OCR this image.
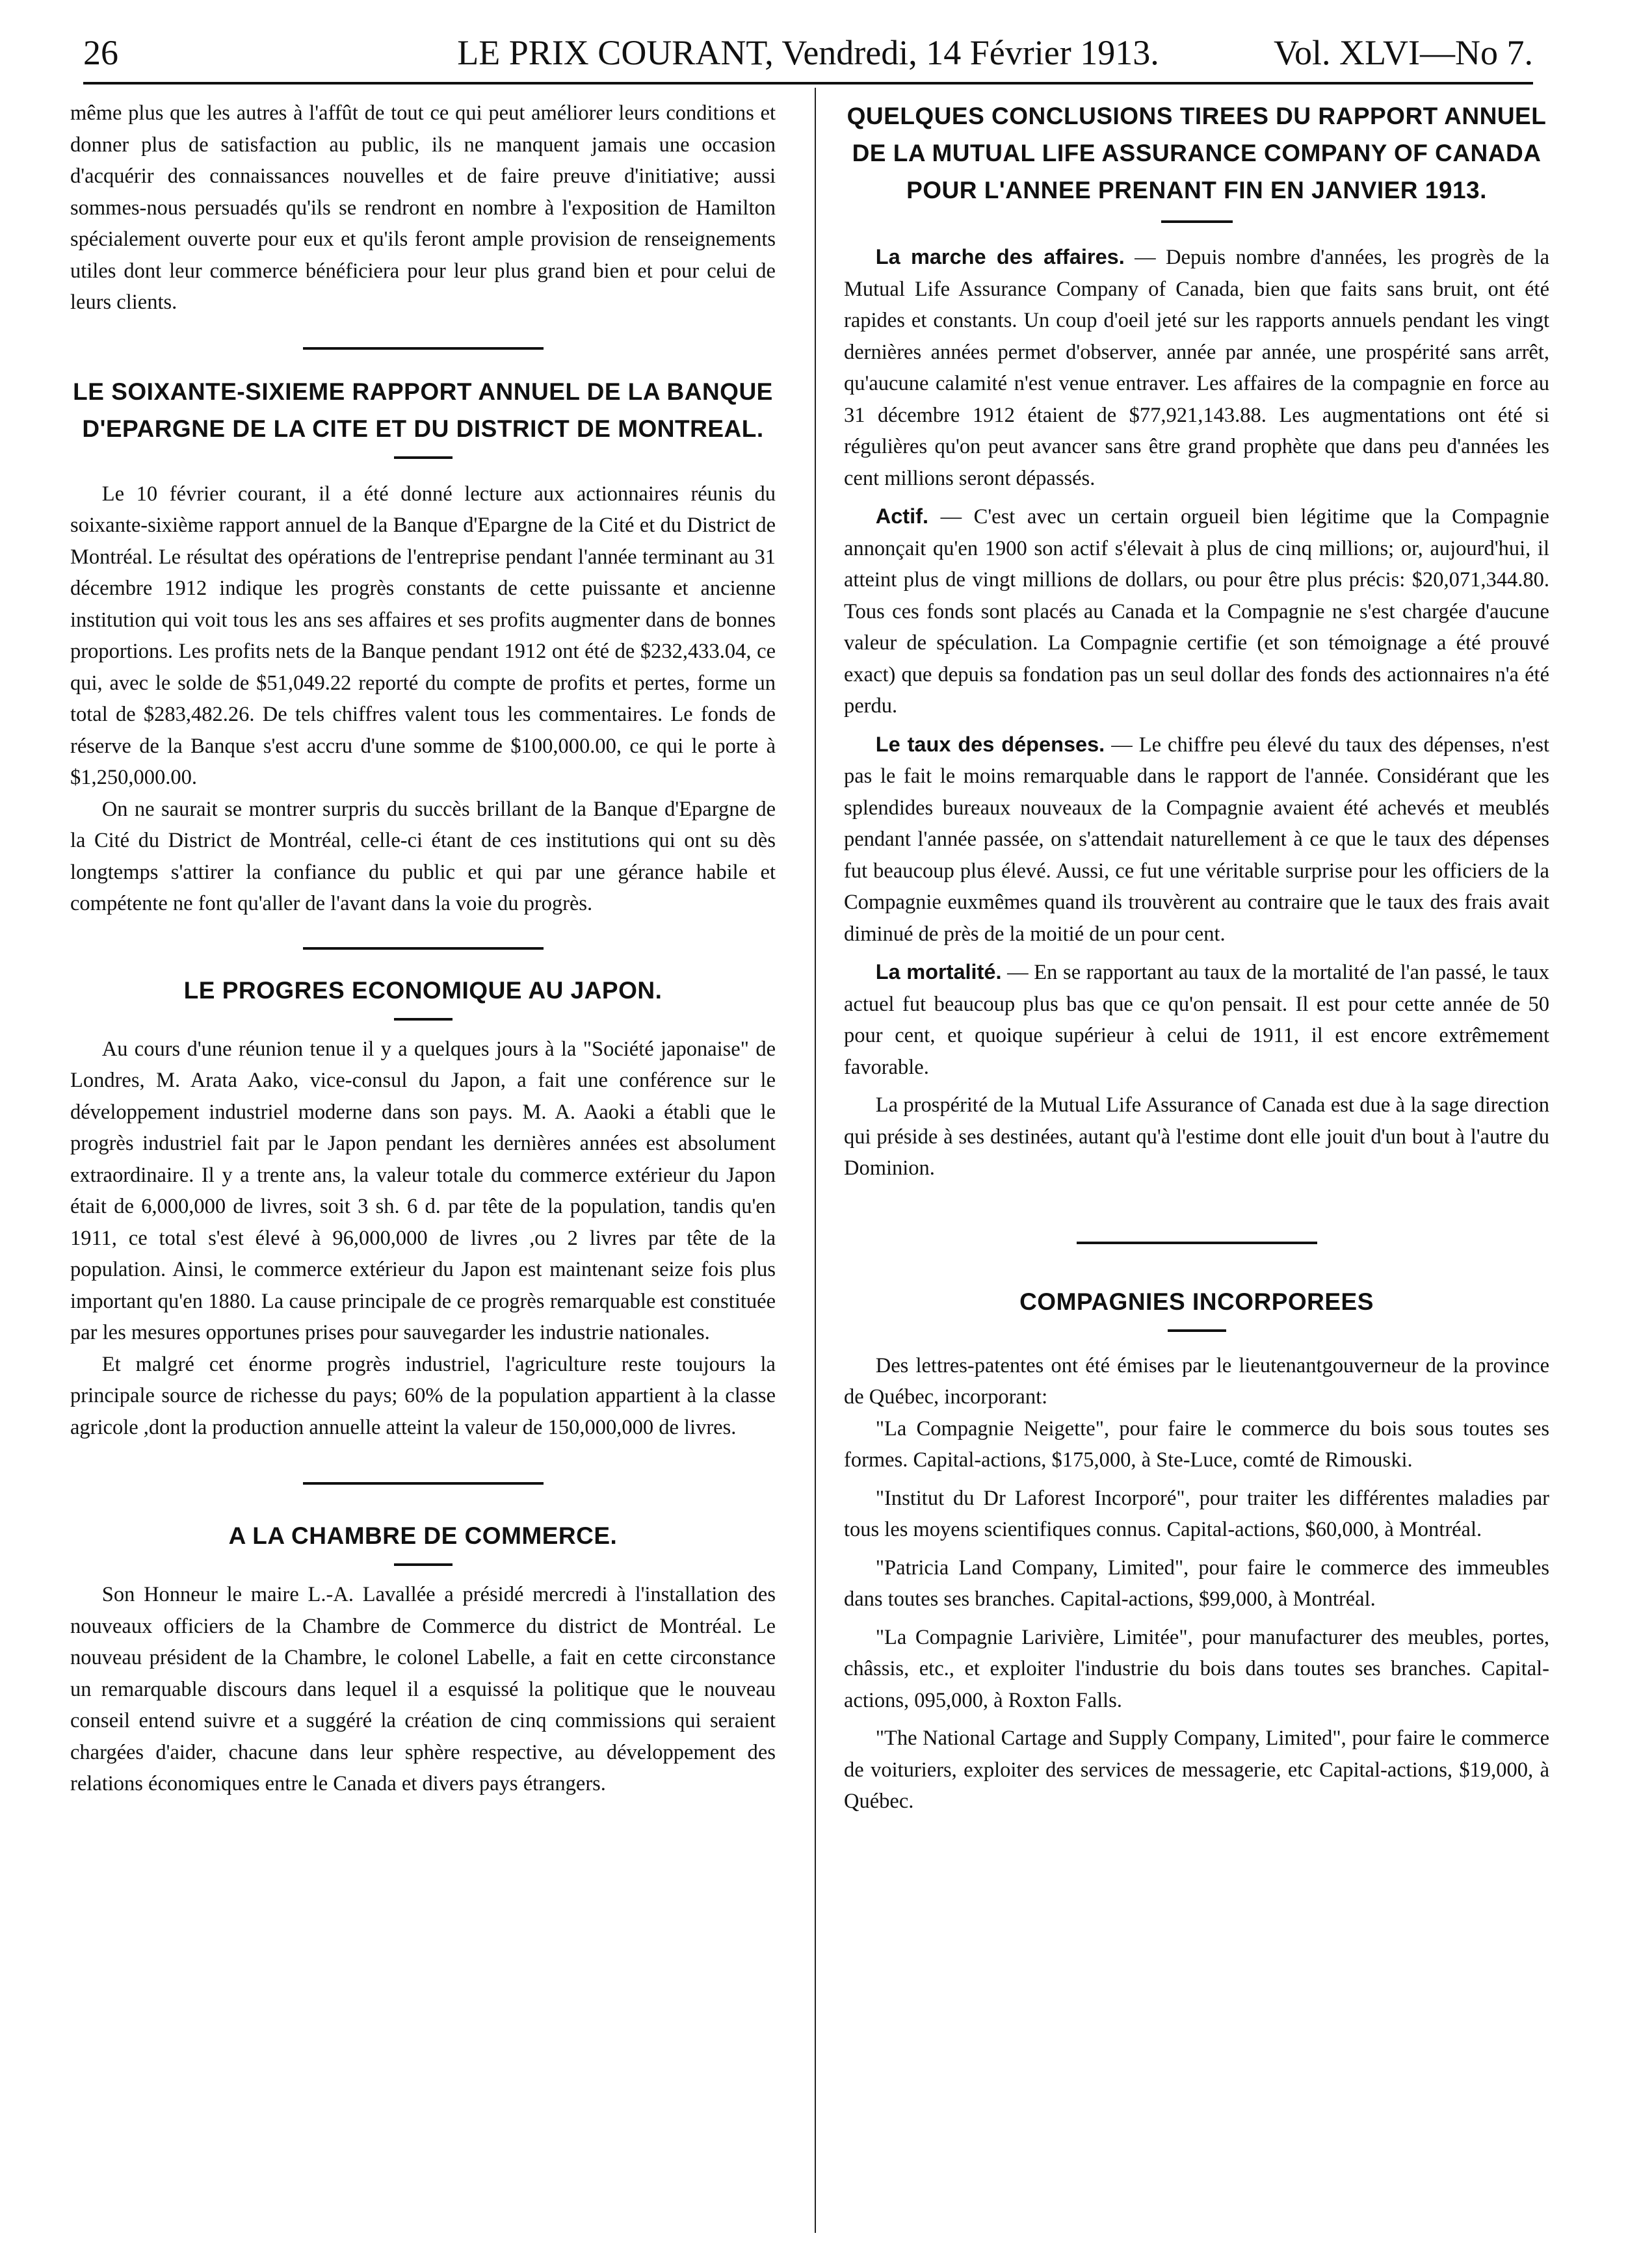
26	LE PRIX COURANT, Vendredi, 14 Février 1913.	Vol. XLVI—No 7.

même plus que les autres à l'affût de tout ce qui peut améliorer leurs conditions et donner plus de satisfaction au public, ils ne manquent jamais une occasion d'acquérir des connaissances nouvelles et de faire preuve d'initiative; aussi sommes-nous persuadés qu'ils se rendront en nombre à l'exposition de Hamilton spécialement ouverte pour eux et qu'ils feront ample provision de renseignements utiles dont leur commerce bénéficiera pour leur plus grand bien et pour celui de leurs clients.

LE SOIXANTE-SIXIEME RAPPORT ANNUEL DE LA BANQUE D'EPARGNE DE LA CITE ET DU DISTRICT DE MONTREAL.

Le 10 février courant, il a été donné lecture aux actionnaires réunis du soixante-sixième rapport annuel de la Banque d'Epargne de la Cité et du District de Montréal. Le résultat des opérations de l'entreprise pendant l'année terminant au 31 décembre 1912 indique les progrès constants de cette puissante et ancienne institution qui voit tous les ans ses affaires et ses profits augmenter dans de bonnes proportions. Les profits nets de la Banque pendant 1912 ont été de $232,433.04, ce qui, avec le solde de $51,049.22 reporté du compte de profits et pertes, forme un total de $283,482.26. De tels chiffres valent tous les commentaires. Le fonds de réserve de la Banque s'est accru d'une somme de $100,000.00, ce qui le porte à $1,250,000.00.

On ne saurait se montrer surpris du succès brillant de la Banque d'Epargne de la Cité du District de Montréal, celle-ci étant de ces institutions qui ont su dès longtemps s'attirer la confiance du public et qui par une gérance habile et compétente ne font qu'aller de l'avant dans la voie du progrès.

LE PROGRES ECONOMIQUE AU JAPON.

Au cours d'une réunion tenue il y a quelques jours à la "Société japonaise" de Londres, M. Arata Aako, vice-consul du Japon, a fait une conférence sur le développement industriel moderne dans son pays. M. A. Aaoki a établi que le progrès industriel fait par le Japon pendant les dernières années est absolument extraordinaire. Il y a trente ans, la valeur totale du commerce extérieur du Japon était de 6,000,000 de livres, soit 3 sh. 6 d. par tête de la population, tandis qu'en 1911, ce total s'est élevé à 96,000,000 de livres ,ou 2 livres par tête de la population. Ainsi, le commerce extérieur du Japon est maintenant seize fois plus important qu'en 1880. La cause principale de ce progrès remarquable est constituée par les mesures opportunes prises pour sauvegarder les industrie nationales.

Et malgré cet énorme progrès industriel, l'agriculture reste toujours la principale source de richesse du pays; 60% de la population appartient à la classe agricole ,dont la production annuelle atteint la valeur de 150,000,000 de livres.

A LA CHAMBRE DE COMMERCE.

Son Honneur le maire L.-A. Lavallée a présidé mercredi à l'installation des nouveaux officiers de la Chambre de Commerce du district de Montréal. Le nouveau président de la Chambre, le colonel Labelle, a fait en cette circonstance un remarquable discours dans lequel il a esquissé la politique que le nouveau conseil entend suivre et a suggéré la création de cinq commissions qui seraient chargées d'aider, chacune dans leur sphère respective, au développement des relations économiques entre le Canada et divers pays étrangers.

QUELQUES CONCLUSIONS TIREES DU RAPPORT ANNUEL DE LA MUTUAL LIFE ASSURANCE COMPANY OF CANADA POUR L'ANNEE PRENANT FIN EN JANVIER 1913.

La marche des affaires. — Depuis nombre d'années, les progrès de la Mutual Life Assurance Company of Canada, bien que faits sans bruit, ont été rapides et constants. Un coup d'oeil jeté sur les rapports annuels pendant les vingt dernières années permet d'observer, année par année, une prospérité sans arrêt, qu'aucune calamité n'est venue entraver. Les affaires de la compagnie en force au 31 décembre 1912 étaient de $77,921,143.88. Les augmentations ont été si régulières qu'on peut avancer sans être grand prophète que dans peu d'années les cent millions seront dépassés.

Actif. — C'est avec un certain orgueil bien légitime que la Compagnie annonçait qu'en 1900 son actif s'élevait à plus de cinq millions; or, aujourd'hui, il atteint plus de vingt millions de dollars, ou pour être plus précis: $20,071,344.80. Tous ces fonds sont placés au Canada et la Compagnie ne s'est chargée d'aucune valeur de spéculation. La Compagnie certifie (et son témoignage a été prouvé exact) que depuis sa fondation pas un seul dollar des fonds des actionnaires n'a été perdu.

Le taux des dépenses. — Le chiffre peu élevé du taux des dépenses, n'est pas le fait le moins remarquable dans le rapport de l'année. Considérant que les splendides bureaux nouveaux de la Compagnie avaient été achevés et meublés pendant l'année passée, on s'attendait naturellement à ce que le taux des dépenses fut beaucoup plus élevé. Aussi, ce fut une véritable surprise pour les officiers de la Compagnie euxmêmes quand ils trouvèrent au contraire que le taux des frais avait diminué de près de la moitié de un pour cent.

La mortalité. — En se rapportant au taux de la mortalité de l'an passé, le taux actuel fut beaucoup plus bas que ce qu'on pensait. Il est pour cette année de 50 pour cent, et quoique supérieur à celui de 1911, il est encore extrêmement favorable.

La prospérité de la Mutual Life Assurance of Canada est due à la sage direction qui préside à ses destinées, autant qu'à l'estime dont elle jouit d'un bout à l'autre du Dominion.

COMPAGNIES INCORPOREES

Des lettres-patentes ont été émises par le lieutenantgouverneur de la province de Québec, incorporant:

"La Compagnie Neigette", pour faire le commerce du bois sous toutes ses formes. Capital-actions, $175,000, à Ste-Luce, comté de Rimouski.

"Institut du Dr Laforest Incorporé", pour traiter les différentes maladies par tous les moyens scientifiques connus. Capital-actions, $60,000, à Montréal.

"Patricia Land Company, Limited", pour faire le commerce des immeubles dans toutes ses branches. Capital-actions, $99,000, à Montréal.

"La Compagnie Larivière, Limitée", pour manufacturer des meubles, portes, châssis, etc., et exploiter l'industrie du bois dans toutes ses branches. Capital-actions, 095,000, à Roxton Falls.

"The National Cartage and Supply Company, Limited", pour faire le commerce de voituriers, exploiter des services de messagerie, etc Capital-actions, $19,000, à Québec.
